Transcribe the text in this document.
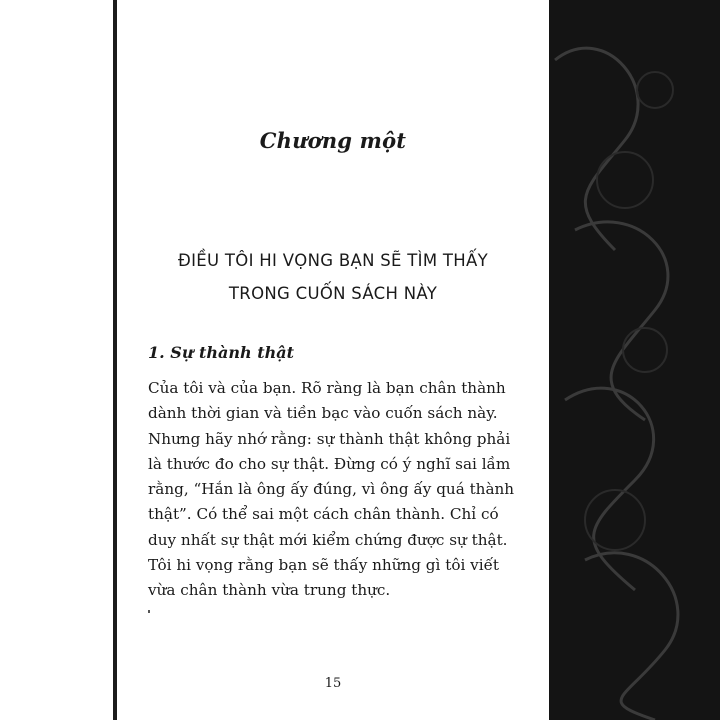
Chương một
ĐIỀU TÔI HI VỌNG BẠN SẼ TÌM THẤY
TRONG CUỐN SÁCH NÀY
1. Sự thành thật
Của tôi và của bạn. Rõ ràng là bạn chân thành
dành thời gian và tiền bạc vào cuốn sách này.
Nhưng hãy nhớ rằng: sự thành thật không phải
là thước đo cho sự thật. Đừng có ý nghĩ sai lầm
rằng, “Hắn là ông ấy đúng, vì ông ấy quá thành
thật”. Có thể sai một cách chân thành. Chỉ có
duy nhất sự thật mới kiểm chứng được sự thật.
Tôi hi vọng rằng bạn sẽ thấy những gì tôi viết
vừa chân thành vừa trung thực.
15
